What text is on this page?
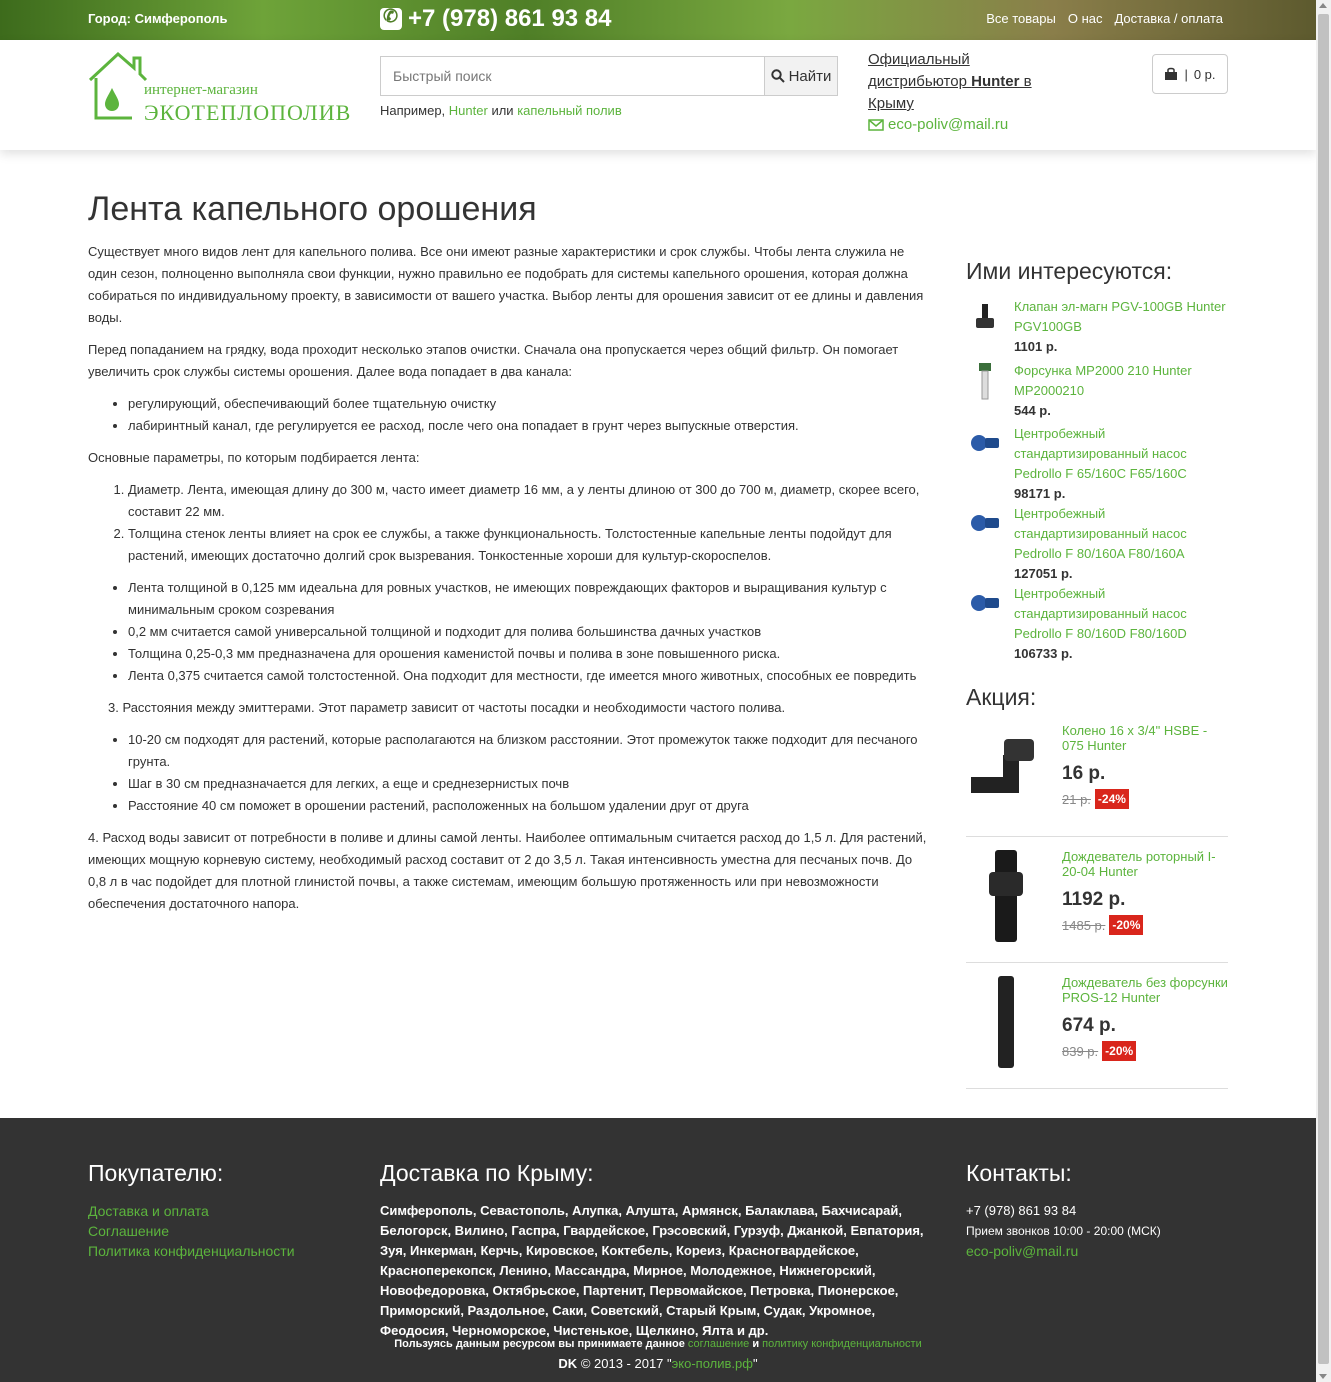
Город: Симферополь
✆	+7 (978) 861 93 84	Все товары О нас Доставка / оплата
интернет-магазин
ЭКОТЕПЛОПОЛИВ
Быстрый поиск
Найти
Например, Hunter или капельный полив
Официальный дистрибьютор Hunter в Крыму
eco-poliv@mail.ru
| 0 р.
Лента капельного орошения

Существует много видов лент для капельного полива. Все они имеют разные характеристики и срок службы. Чтобы лента служила не один сезон, полноценно выполняла свои функции, нужно правильно ее подобрать для системы капельного орошения, которая должна собираться по индивидуальному проекту, в зависимости от вашего участка. Выбор ленты для орошения зависит от ее длины и давления воды.

Перед попаданием на грядку, вода проходит несколько этапов очистки. Сначала она пропускается через общий фильтр. Он помогает увеличить срок службы системы орошения. Далее вода попадает в два канала:

• регулирующий, обеспечивающий более тщательную очистку
• лабиринтный канал, где регулируется ее расход, после чего она попадает в грунт через выпускные отверстия.

Основные параметры, по которым подбирается лента:

1. Диаметр. Лента, имеющая длину до 300 м, часто имеет диаметр 16 мм, а у ленты длиною от 300 до 700 м, диаметр, скорее всего, составит 22 мм.
2. Толщина стенок ленты влияет на срок ее службы, а также функциональность. Толстостенные капельные ленты подойдут для растений, имеющих достаточно долгий срок вызревания. Тонкостенные хороши для культур-скороспелов.
• Лента толщиной в 0,125 мм идеальна для ровных участков, не имеющих повреждающих факторов и выращивания культур с минимальным сроком созревания
• 0,2 мм считается самой универсальной толщиной и подходит для полива большинства дачных участков
• Толщина 0,25-0,3 мм предназначена для орошения каменистой почвы и полива в зоне повышенного риска.
• Лента 0,375 считается самой толстостенной. Она подходит для местности, где имеется много животных, способных ее повредить

3. Расстояния между эмиттерами. Этот параметр зависит от частоты посадки и необходимости частого полива.

• 10-20 см подходят для растений, которые располагаются на близком расстоянии. Этот промежуток также подходит для песчаного грунта.
• Шаг в 30 см предназначается для легких, а еще и среднезернистых почв
• Расстояние 40 см поможет в орошении растений, расположенных на большом удалении друг от друга

4. Расход воды зависит от потребности в поливе и длины самой ленты. Наиболее оптимальным считается расход до 1,5 л. Для растений, имеющих мощную корневую систему, необходимый расход составит от 2 до 3,5 л. Такая интенсивность уместна для песчаных почв. До 0,8 л в час подойдет для плотной глинистой почвы, а также системам, имеющим большую протяженность или при невозможности обеспечения достаточного напора.

Ими интересуются:
Клапан эл-магн PGV-100GB Hunter PGV100GB
1101 р.
Форсунка MP2000 210 Hunter MP2000210
544 р.
Центробежный стандартизированный насос Pedrollo F 65/160C F65/160C
98171 р.
Центробежный стандартизированный насос Pedrollo F 80/160A F80/160A
127051 р.
Центробежный стандартизированный насос Pedrollo F 80/160D F80/160D
106733 р.
Акция:
Колено 16 x 3/4" HSBE - 075 Hunter
16 р.
21 р. -24%
Дождеватель роторный I-20-04 Hunter
1192 р.
1485 р. -20%
Дождеватель без форсунки PROS-12 Hunter
674 р.
839 р. -20%
Покупателю:
Доставка и оплата
Соглашение
Политика конфиденциальности
Доставка по Крыму:
Симферополь, Севастополь, Алупка, Алушта, Армянск, Балаклава, Бахчисарай, Белогорск, Вилино, Гаспра, Гвардейское, Грэсовский, Гурзуф, Джанкой, Евпатория, Зуя, Инкерман, Керчь, Кировское, Коктебель, Кореиз, Красногвардейское, Красноперекопск, Ленино, Массандра, Мирное, Молодежное, Нижнегорский, Новофедоровка, Октябрьское, Партенит, Первомайское, Петровка, Пионерское, Приморский, Раздольное, Саки, Советский, Старый Крым, Судак, Укромное, Феодосия, Черноморское, Чистенькое, Щелкино, Ялта и др.
Контакты:
+7 (978) 861 93 84
Прием звонков 10:00 - 20:00 (МСК)
eco-poliv@mail.ru
Пользуясь данным ресурсом вы принимаете данное соглашение и политику конфиденциальности
DK © 2013 - 2017 "эко-полив.рф"
